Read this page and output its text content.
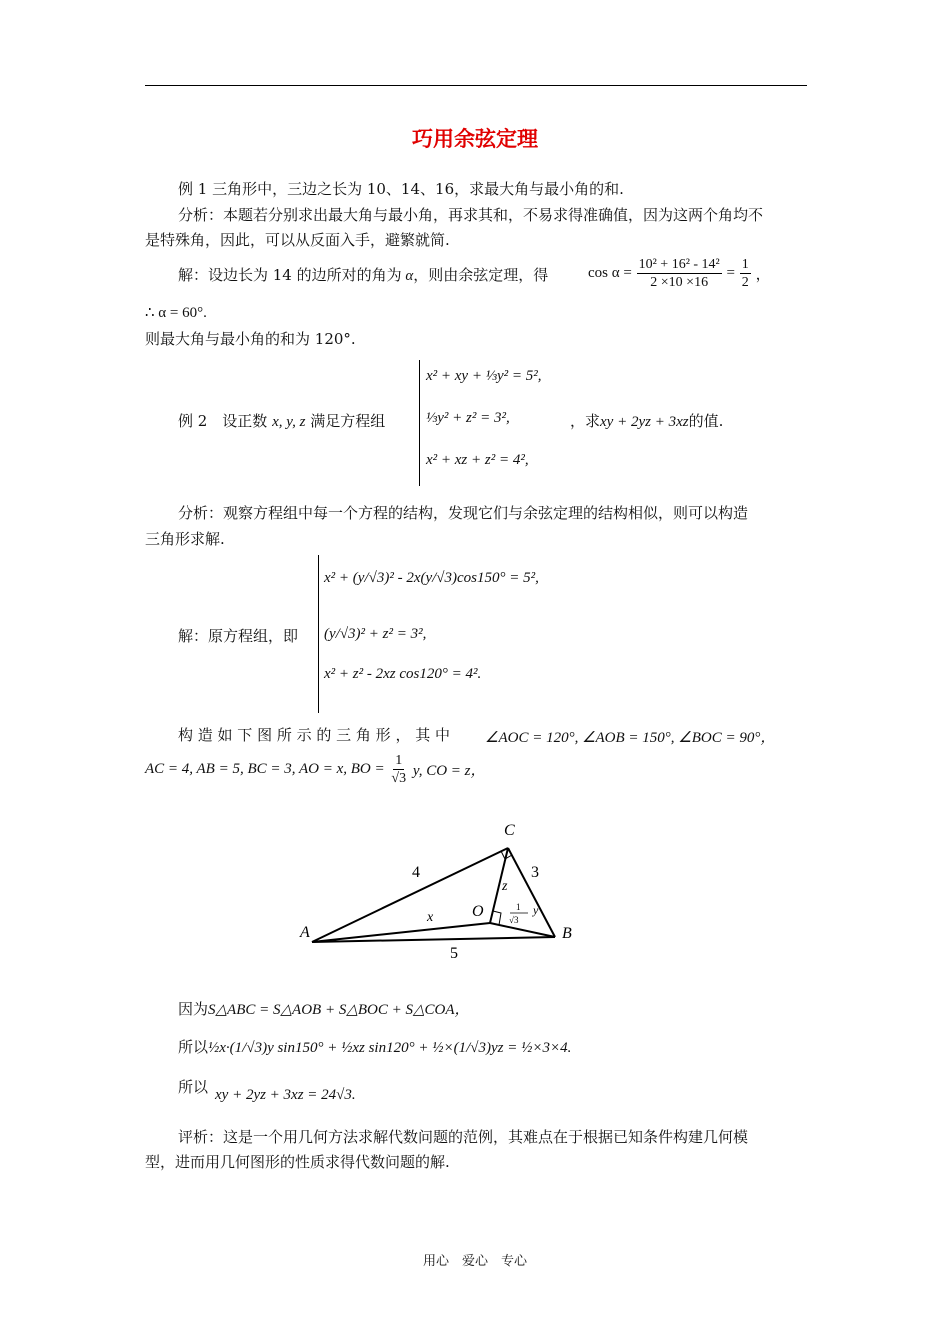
巧用余弦定理
例 1 三角形中，三边之长为 10、14、16，求最大角与最小角的和.
分析：本题若分别求出最大角与最小角，再求其和，不易求得准确值，因为这两个角均不
是特殊角，因此，可以从反面入手，避繁就简.
解：设边长为 14 的边所对的角为 α，则由余弦定理，得	$\cos \alpha = \frac{\text{10² + 16² - 14²}}{2 \times 10 \times 16} = \frac{1}{2}$ ，
∴ α = 60°.
则最大角与最小角的和为 120°.
例 2　设正数 x, y, z 满足方程组
x² + xy + ⅓y² = 5²,
⅓y² + z² = 3²,
x² + xz + z² = 4²,
，求xy + 2yz + 3xz的值.
分析：观察方程组中每一个方程的结构，发现它们与余弦定理的结构相似，则可以构造
三角形求解.
解：原方程组，即
x² + (y/√3)² - 2x(y/√3)cos150° = 5²,
(y/√3)² + z² = 3²,
x² + z² - 2xz cos120° = 4².
构 造 如 下 图 所 示 的 三 角 形 ， 其 中 ∠AOC = 120°, ∠AOB = 150°, ∠BOC = 90°，
AC = 4, AB = 5, BC = 3, AO = x, BO = $\frac{1}{√3} y$, CO = z，
A	B
C
O
x
z
y
4	3
5
1
√3
因为S△ABC = S△AOB + S△BOC + S△COA，
所以½x·(1/√3)y sin150° + ½xz sin120° + ½×(1/√3)yz = ½×3×4.
所以 xy + 2yz + 3xz = 24√3.
评析：这是一个用几何方法求解代数问题的范例，其难点在于根据已知条件构建几何模
型，进而用几何图形的性质求得代数问题的解.
用心　爱心　专心
